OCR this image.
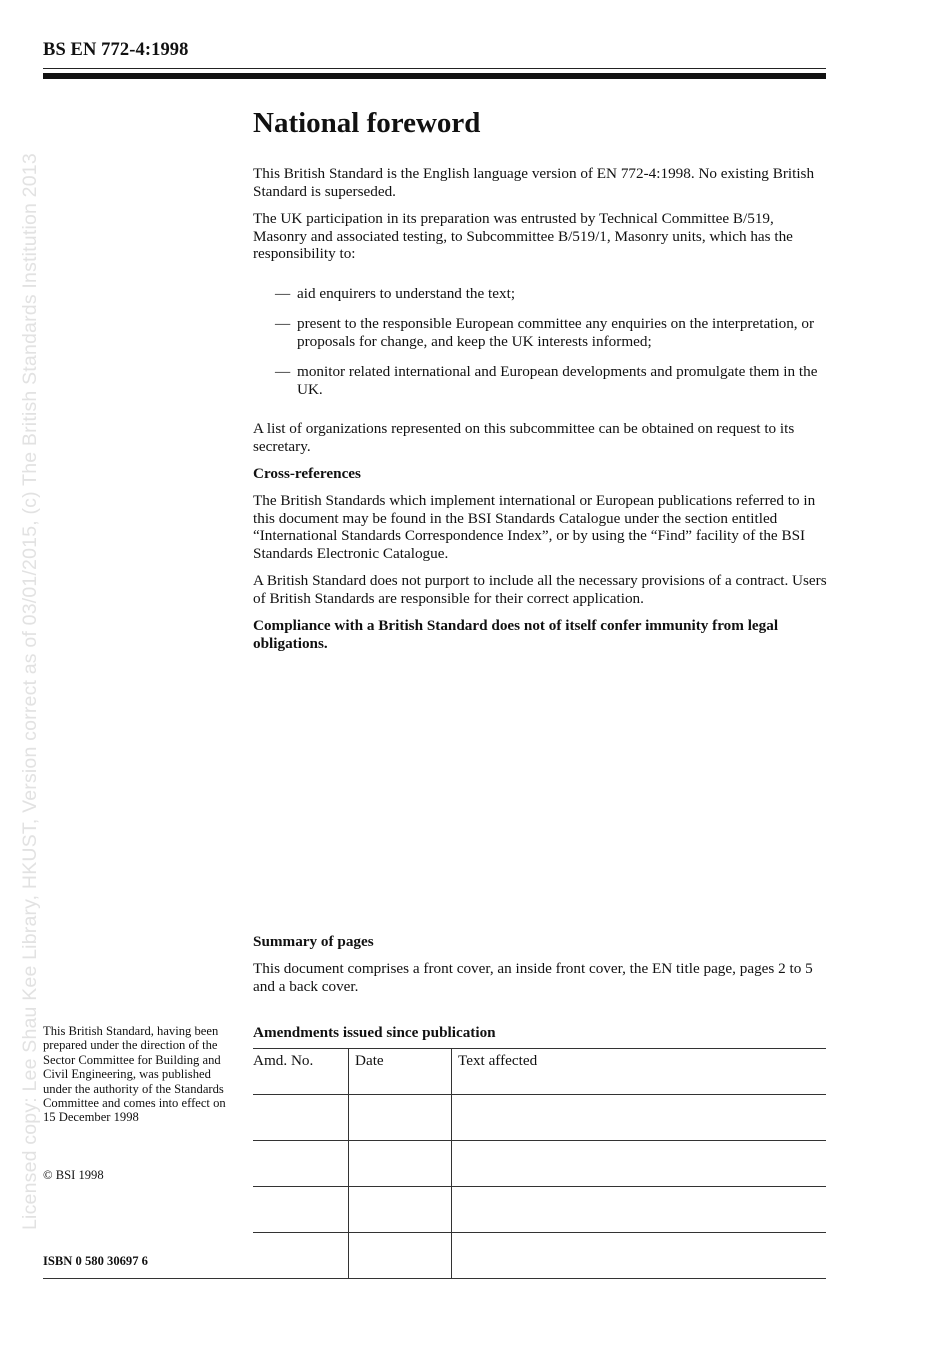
BS EN 772-4:1998
Licensed copy: Lee Shau Kee Library, HKUST, Version correct as of 03/01/2015, (c) The British Standards Institution 2013
National foreword

This British Standard is the English language version of EN 772-4:1998. No existing British Standard is superseded.

The UK participation in its preparation was entrusted by Technical Committee B/519, Masonry and associated testing, to Subcommittee B/519/1, Masonry units, which has the responsibility to:

— aid enquirers to understand the text;
— present to the responsible European committee any enquiries on the interpretation, or proposals for change, and keep the UK interests informed;
— monitor related international and European developments and promulgate them in the UK.

A list of organizations represented on this subcommittee can be obtained on request to its secretary.

Cross-references

The British Standards which implement international or European publications referred to in this document may be found in the BSI Standards Catalogue under the section entitled “International Standards Correspondence Index”, or by using the “Find” facility of the BSI Standards Electronic Catalogue.

A British Standard does not purport to include all the necessary provisions of a contract. Users of British Standards are responsible for their correct application.

Compliance with a British Standard does not of itself confer immunity from legal obligations.

Summary of pages

This document comprises a front cover, an inside front cover, the EN title page, pages 2 to 5 and a back cover.

This British Standard, having been prepared under the direction of the Sector Committee for Building and Civil Engineering, was published under the authority of the Standards Committee and comes into effect on 15 December 1998

© BSI 1998
ISBN 0 580 30697 6
Amendments issued since publication
Amd. No.	Date	Text affected
